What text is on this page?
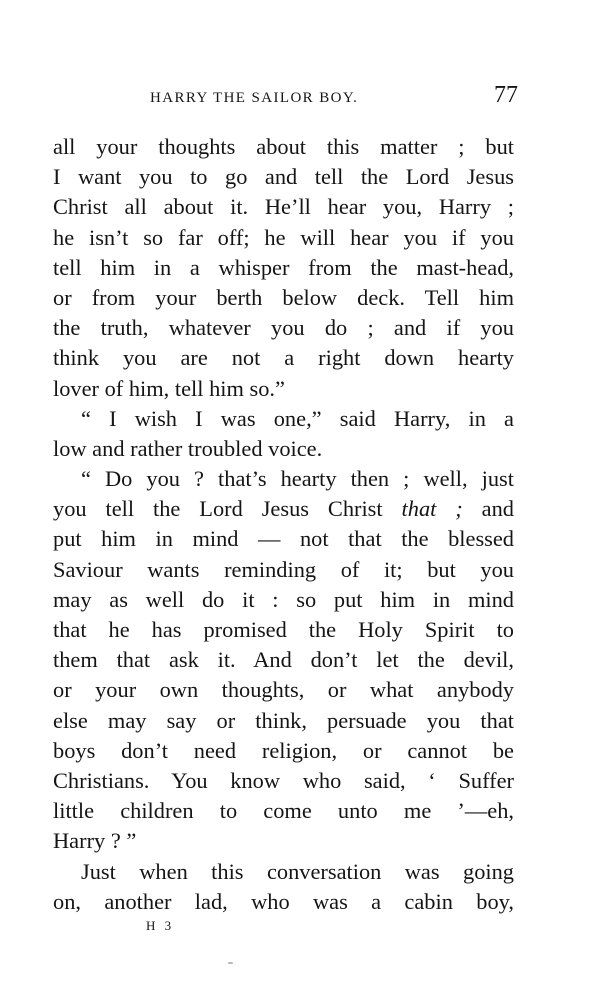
HARRY THE SAILOR BOY.	77
all your thoughts about this matter ; but
I want you to go and tell the Lord Jesus
Christ all about it. He’ll hear you, Harry ;
he isn’t so far off; he will hear you if you
tell him in a whisper from the mast-head,
or from your berth below deck. Tell him
the truth, whatever you do ; and if you
think you are not a right down hearty
lover of him, tell him so.”
“ I wish I was one,” said Harry, in a
low and rather troubled voice.
“ Do you ? that’s hearty then ; well, just
you tell the Lord Jesus Christ that ; and
put him in mind — not that the blessed
Saviour wants reminding of it; but you
may as well do it : so put him in mind
that he has promised the Holy Spirit to
them that ask it. And don’t let the devil,
or your own thoughts, or what anybody
else may say or think, persuade you that
boys don’t need religion, or cannot be
Christians. You know who said, ‘ Suffer
little children to come unto me ’—eh,
Harry ? ”
Just when this conversation was going
on, another lad, who was a cabin boy,
H 3
